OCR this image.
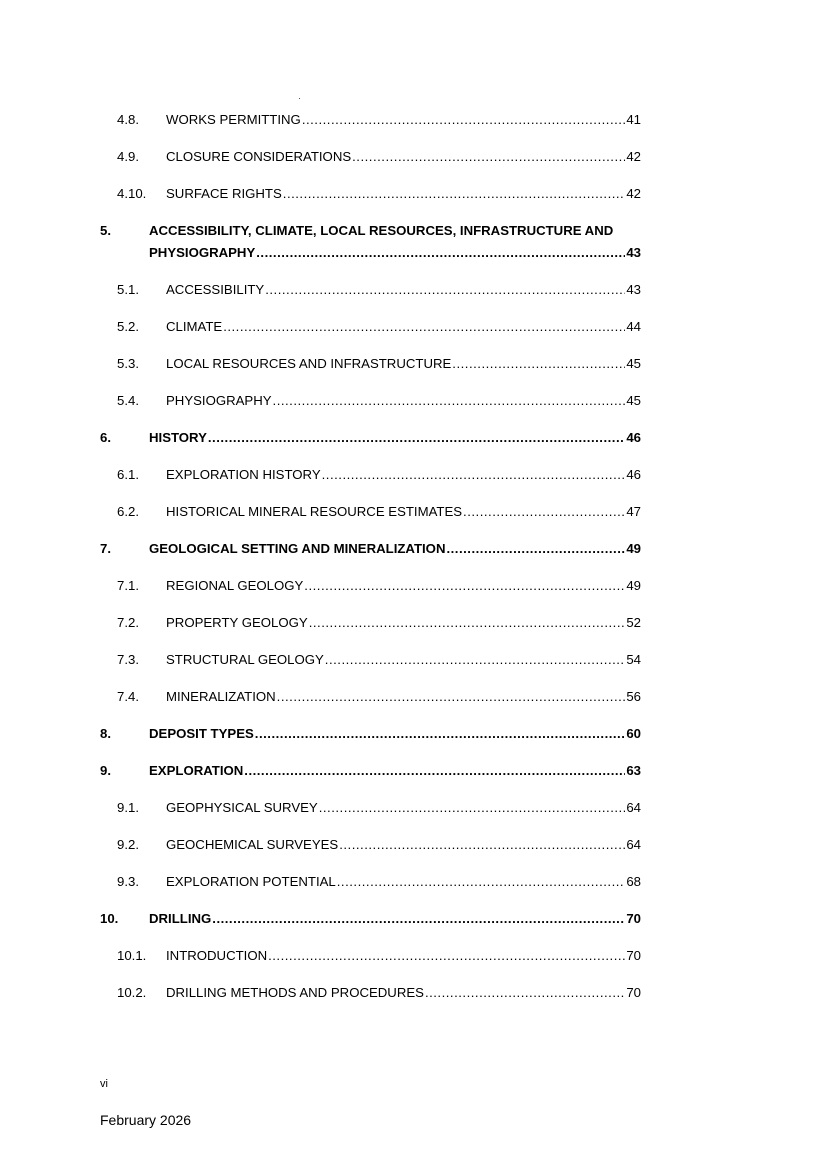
4.8. WORKS PERMITTING .....	41
4.9. CLOSURE CONSIDERATIONS .....	42
4.10. SURFACE RIGHTS .....	42
5.	ACCESSIBILITY, CLIMATE, LOCAL RESOURCES, INFRASTRUCTURE AND
PHYSIOGRAPHY .....	43
5.1. ACCESSIBILITY .....	43
5.2. CLIMATE .....	44
5.3. LOCAL RESOURCES AND INFRASTRUCTURE .....	45
5.4. PHYSIOGRAPHY .....	45
6.	HISTORY .....	46
6.1. EXPLORATION HISTORY .....	46
6.2. HISTORICAL MINERAL RESOURCE ESTIMATES .....	47
7.	GEOLOGICAL SETTING AND MINERALIZATION .....	49
7.1. REGIONAL GEOLOGY .....	49
7.2. PROPERTY GEOLOGY .....	52
7.3. STRUCTURAL GEOLOGY .....	54
7.4. MINERALIZATION .....	56
8.	DEPOSIT TYPES .....	60
9.	EXPLORATION .....	63
9.1. GEOPHYSICAL SURVEY .....	64
9.2. GEOCHEMICAL SURVEYES .....	64
9.3. EXPLORATION POTENTIAL .....	68
10. DRILLING .....	70
10.1. INTRODUCTION .....	70
10.2. DRILLING METHODS AND PROCEDURES .....	70
vi
February 2026
